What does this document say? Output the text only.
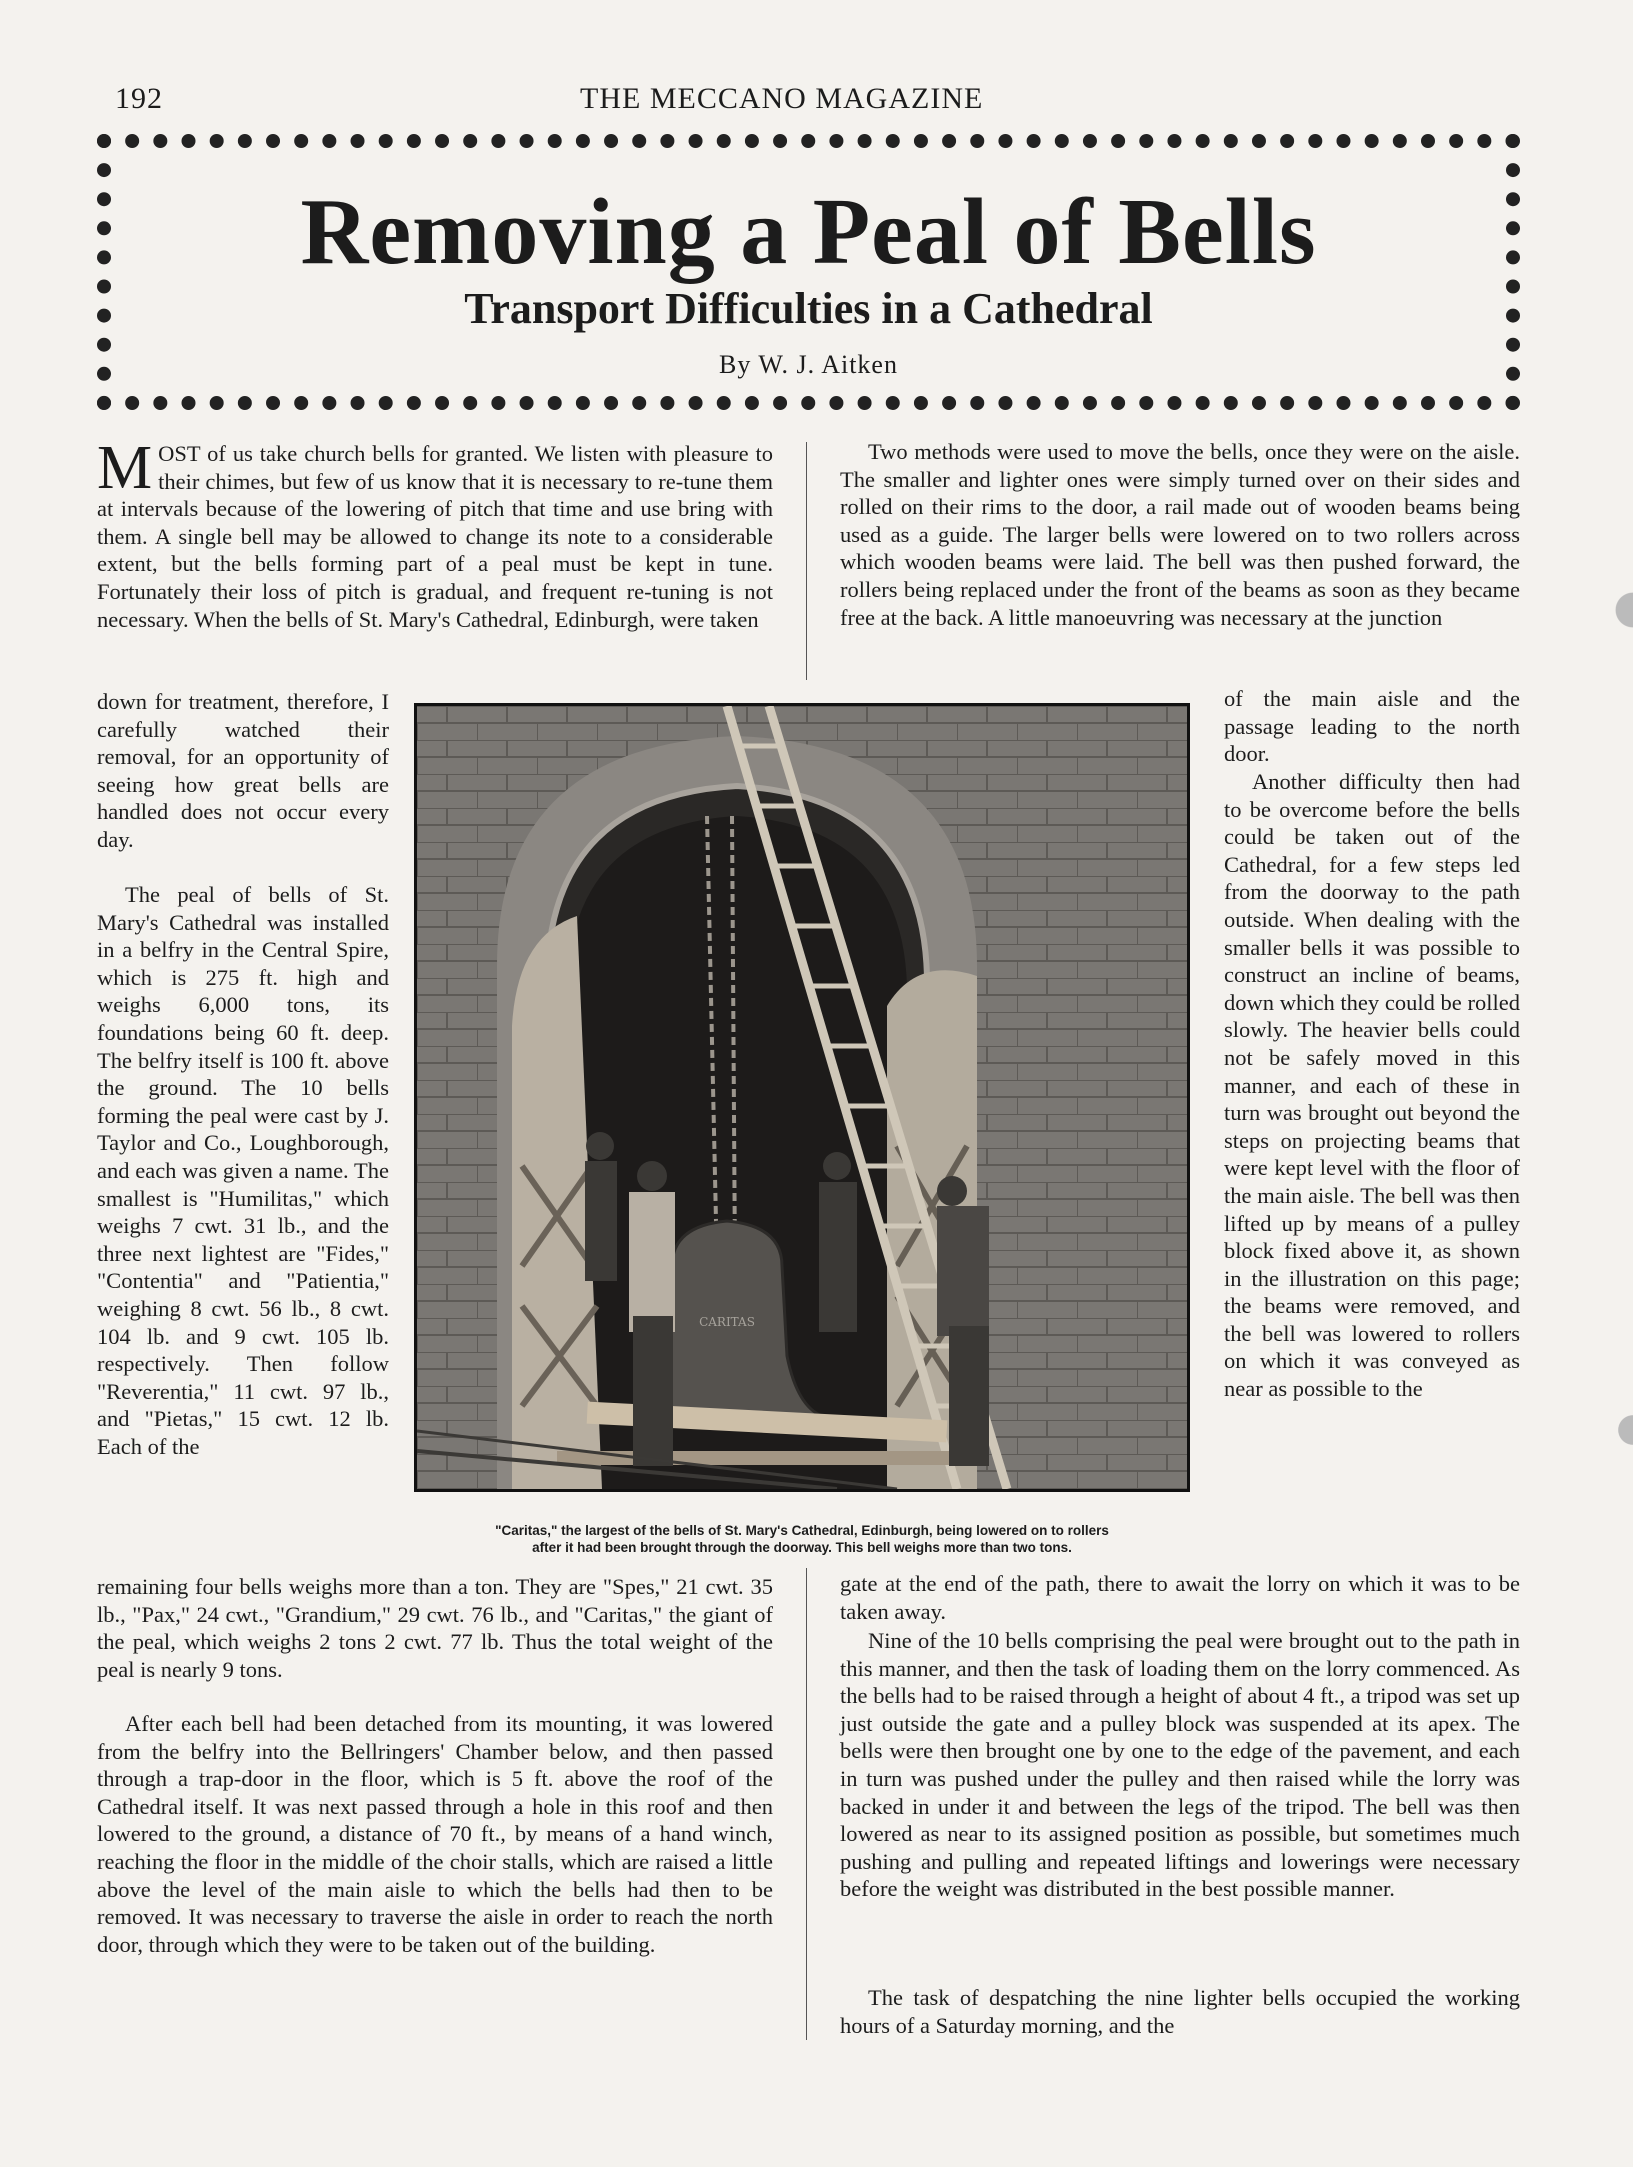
192	THE MECCANO MAGAZINE
Removing a Peal of Bells
Transport Difficulties in a Cathedral
By W. J. Aitken

MOST of us take church bells for granted. We listen with pleasure to their chimes, but few of us know that it is necessary to re-tune them at intervals because of the lowering of pitch that time and use bring with them. A single bell may be allowed to change its note to a considerable extent, but the bells forming part of a peal must be kept in tune. Fortunately their loss of pitch is gradual, and frequent re-tuning is not necessary. When the bells of St. Mary's Cathedral, Edinburgh, were taken

down for treatment, therefore, I carefully watched their removal, for an opportunity of seeing how great bells are handled does not occur every day.

The peal of bells of St. Mary's Cathedral was installed in a belfry in the Central Spire, which is 275 ft. high and weighs 6,000 tons, its foundations being 60 ft. deep. The belfry itself is 100 ft. above the ground. The 10 bells forming the peal were cast by J. Taylor and Co., Loughborough, and each was given a name. The smallest is "Humilitas," which weighs 7 cwt. 31 lb., and the three next lightest are "Fides," "Contentia" and "Patientia," weighing 8 cwt. 56 lb., 8 cwt. 104 lb. and 9 cwt. 105 lb. respectively. Then follow "Reverentia," 11 cwt. 97 lb., and "Pietas," 15 cwt. 12 lb. Each of the

remaining four bells weighs more than a ton. They are "Spes," 21 cwt. 35 lb., "Pax," 24 cwt., "Grandium," 29 cwt. 76 lb., and "Caritas," the giant of the peal, which weighs 2 tons 2 cwt. 77 lb. Thus the total weight of the peal is nearly 9 tons.

After each bell had been detached from its mounting, it was lowered from the belfry into the Bellringers' Chamber below, and then passed through a trap-door in the floor, which is 5 ft. above the roof of the Cathedral itself. It was next passed through a hole in this roof and then lowered to the ground, a distance of 70 ft., by means of a hand winch, reaching the floor in the middle of the choir stalls, which are raised a little above the level of the main aisle to which the bells had then to be removed. It was necessary to traverse the aisle in order to reach the north door, through which they were to be taken out of the building.

Two methods were used to move the bells, once they were on the aisle. The smaller and lighter ones were simply turned over on their sides and rolled on their rims to the door, a rail made out of wooden beams being used as a guide. The larger bells were lowered on to two rollers across which wooden beams were laid. The bell was then pushed forward, the rollers being replaced under the front of the beams as soon as they became free at the back. A little manoeuvring was necessary at the junction

of the main aisle and the passage leading to the north door.

Another difficulty then had to be overcome before the bells could be taken out of the Cathedral, for a few steps led from the doorway to the path outside. When dealing with the smaller bells it was possible to construct an incline of beams, down which they could be rolled slowly. The heavier bells could not be safely moved in this manner, and each of these in turn was brought out beyond the steps on projecting beams that were kept level with the floor of the main aisle. The bell was then lifted up by means of a pulley block fixed above it, as shown in the illustration on this page; the beams were removed, and the bell was lowered to rollers on which it was conveyed as near as possible to the

gate at the end of the path, there to await the lorry on which it was to be taken away.

Nine of the 10 bells comprising the peal were brought out to the path in this manner, and then the task of loading them on the lorry commenced. As the bells had to be raised through a height of about 4 ft., a tripod was set up just outside the gate and a pulley block was suspended at its apex. The bells were then brought one by one to the edge of the pavement, and each in turn was pushed under the pulley and then raised while the lorry was backed in under it and between the legs of the tripod. The bell was then lowered as near to its assigned position as possible, but sometimes much pushing and pulling and repeated liftings and lowerings were necessary before the weight was distributed in the best possible manner.

The task of despatching the nine lighter bells occupied the working hours of a Saturday morning, and the

CARITAS

"Caritas," the largest of the bells of St. Mary's Cathedral, Edinburgh, being lowered on to rollers
after it had been brought through the doorway. This bell weighs more than two tons.
